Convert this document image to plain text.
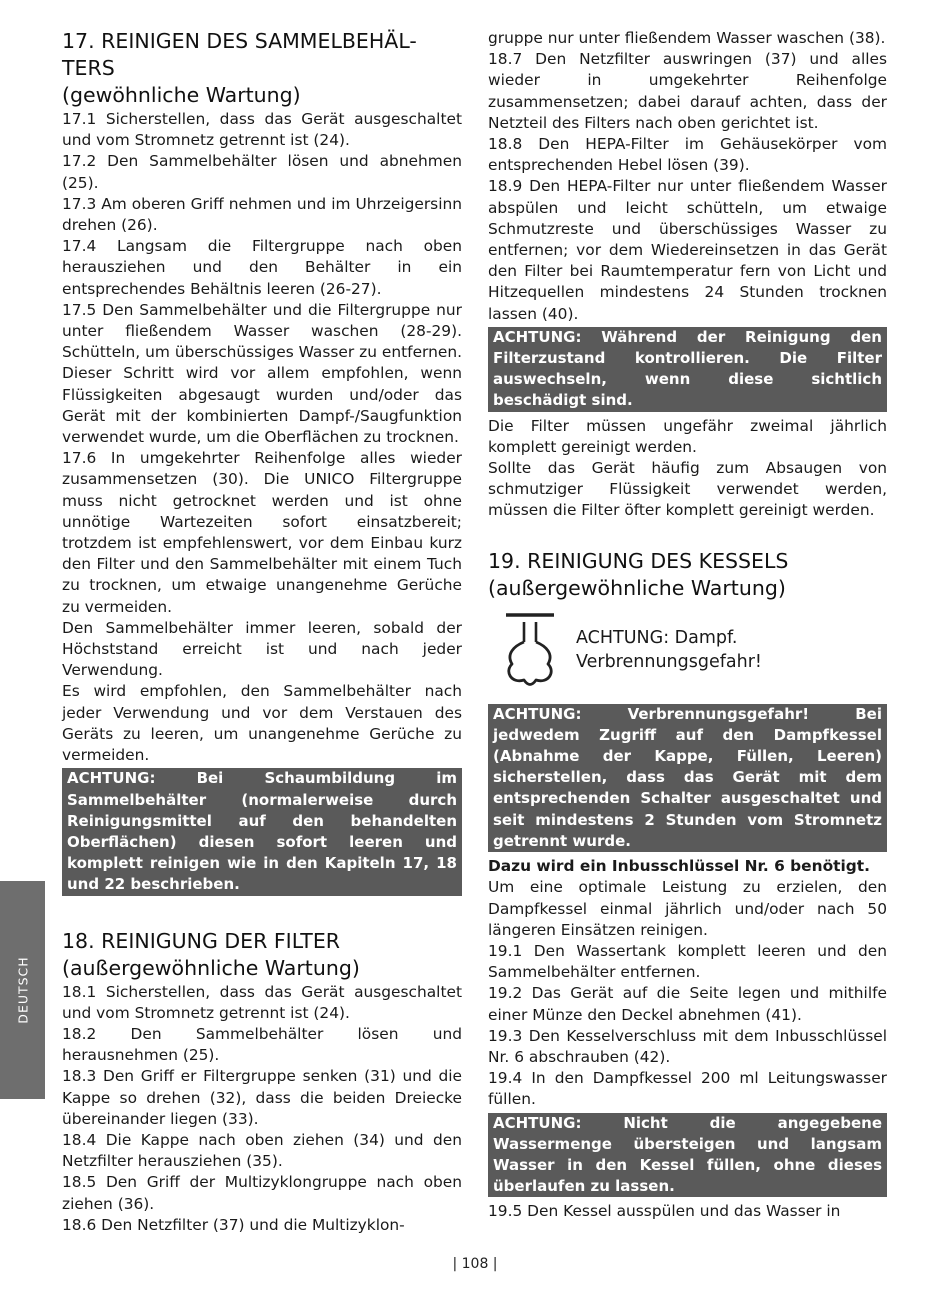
17. REINIGEN DES SAMMELBEHÄL-
TERS
(gewöhnliche Wartung)

17.1 Sicherstellen, dass das Gerät ausgeschaltet und vom Stromnetz getrennt ist (24).

17.2 Den Sammelbehälter lösen und abnehmen (25).

17.3 Am oberen Griff nehmen und im Uhrzeigersinn drehen (26).

17.4 Langsam die Filtergruppe nach oben herausziehen und den Behälter in ein entsprechendes Behältnis leeren (26-27).

17.5 Den Sammelbehälter und die Filtergruppe nur unter fließendem Wasser waschen (28-29). Schütteln, um überschüssiges Wasser zu entfernen. Dieser Schritt wird vor allem empfohlen, wenn Flüssigkeiten abgesaugt wurden und/oder das Gerät mit der kombinierten Dampf-/Saugfunktion verwendet wurde, um die Oberflächen zu trocknen.

17.6 In umgekehrter Reihenfolge alles wieder zusammensetzen (30). Die UNICO Filtergruppe muss nicht getrocknet werden und ist ohne unnötige Wartezeiten sofort einsatzbereit; trotzdem ist empfehlenswert, vor dem Einbau kurz den Filter und den Sammelbehälter mit einem Tuch zu trocknen, um etwaige unangenehme Gerüche zu vermeiden.

Den Sammelbehälter immer leeren, sobald der Höchststand erreicht ist und nach jeder Verwendung.

Es wird empfohlen, den Sammelbehälter nach jeder Verwendung und vor dem Verstauen des Geräts zu leeren, um unangenehme Gerüche zu vermeiden.

ACHTUNG: Bei Schaumbildung im Sammelbehälter (normalerweise durch Reinigungsmittel auf den behandelten Oberflächen) diesen sofort leeren und komplett reinigen wie in den Kapiteln 17, 18 und 22 beschrieben.
18. REINIGUNG DER FILTER
(außergewöhnliche Wartung)

18.1 Sicherstellen, dass das Gerät ausgeschaltet und vom Stromnetz getrennt ist (24).

18.2 Den Sammelbehälter lösen und herausnehmen (25).

18.3 Den Griff er Filtergruppe senken (31) und die Kappe so drehen (32), dass die beiden Dreiecke übereinander liegen (33).

18.4 Die Kappe nach oben ziehen (34) und den Netzfilter herausziehen (35).

18.5 Den Griff der Multizyklongruppe nach oben ziehen (36).

18.6 Den Netzfilter (37) und die Multizyklon-

gruppe nur unter fließendem Wasser waschen (38).

18.7 Den Netzfilter auswringen (37) und alles wieder in umgekehrter Reihenfolge zusammensetzen; dabei darauf achten, dass der Netzteil des Filters nach oben gerichtet ist.

18.8 Den HEPA-Filter im Gehäusekörper vom entsprechenden Hebel lösen (39).

18.9 Den HEPA-Filter nur unter fließendem Wasser abspülen und leicht schütteln, um etwaige Schmutzreste und überschüssiges Wasser zu entfernen; vor dem Wiedereinsetzen in das Gerät den Filter bei Raumtemperatur fern von Licht und Hitzequellen mindestens 24 Stunden trocknen lassen (40).

ACHTUNG: Während der Reinigung den Filterzustand kontrollieren. Die Filter auswechseln, wenn diese sichtlich beschädigt sind.

Die Filter müssen ungefähr zweimal jährlich komplett gereinigt werden.

Sollte das Gerät häufig zum Absaugen von schmutziger Flüssigkeit verwendet werden, müssen die Filter öfter komplett gereinigt werden.

19. REINIGUNG DES KESSELS
(außergewöhnliche Wartung)
ACHTUNG: Dampf.
Verbrennungsgefahr!
ACHTUNG: Verbrennungsgefahr! Bei jedwedem Zugriff auf den Dampfkessel (Abnahme der Kappe, Füllen, Leeren) sicherstellen, dass das Gerät mit dem entsprechenden Schalter ausgeschaltet und seit mindestens 2 Stunden vom Stromnetz getrennt wurde.

Dazu wird ein Inbusschlüssel Nr. 6 benötigt.

Um eine optimale Leistung zu erzielen, den Dampfkessel einmal jährlich und/oder nach 50 längeren Einsätzen reinigen.

19.1 Den Wassertank komplett leeren und den Sammelbehälter entfernen.

19.2 Das Gerät auf die Seite legen und mithilfe einer Münze den Deckel abnehmen (41).

19.3 Den Kesselverschluss mit dem Inbusschlüssel Nr. 6 abschrauben (42).

19.4 In den Dampfkessel 200 ml Leitungswasser füllen.

ACHTUNG: Nicht die angegebene Wassermenge übersteigen und langsam Wasser in den Kessel füllen, ohne dieses überlaufen zu lassen.

19.5 Den Kessel ausspülen und das Wasser in

DEUTSCH
| 108 |
